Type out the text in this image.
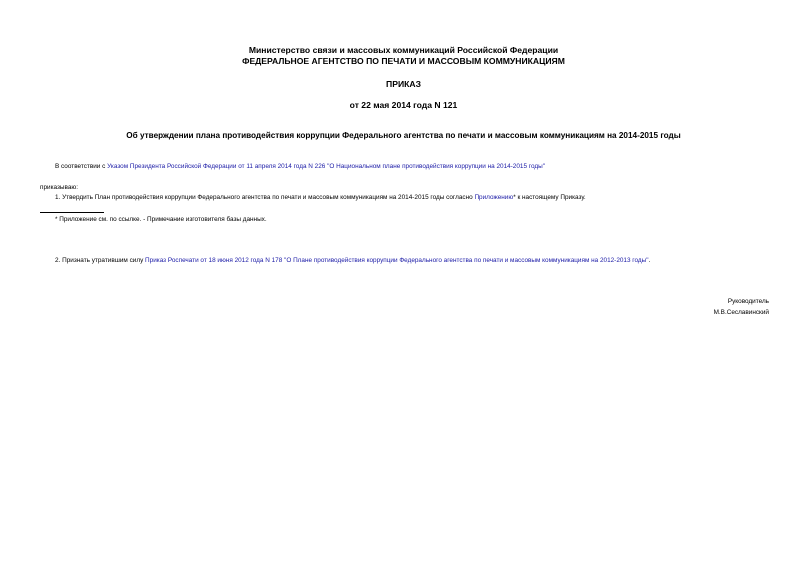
Министерство связи и массовых коммуникаций Российской Федерации
ФЕДЕРАЛЬНОЕ АГЕНТСТВО ПО ПЕЧАТИ И МАССОВЫМ КОММУНИКАЦИЯМ
ПРИКАЗ
от 22 мая 2014 года N 121
Об утверждении плана противодействия коррупции Федерального агентства по печати и массовым коммуникациям на 2014-2015 годы
В соответствии с Указом Президента Российской Федерации от 11 апреля 2014 года N 226 "О Национальном плане противодействия коррупции на 2014-2015 годы"
приказываю:
1. Утвердить План противодействия коррупции Федерального агентства по печати и массовым коммуникациям на 2014-2015 годы согласно Приложению* к настоящему Приказу.
* Приложение см. по ссылке. - Примечание изготовителя базы данных.
2. Признать утратившим силу Приказ Роспечати от 18 июня 2012 года N 178 "О Плане противодействия коррупции Федерального агентства по печати и массовым коммуникациям на 2012-2013 годы".
Руководитель
М.В.Сеславинский
